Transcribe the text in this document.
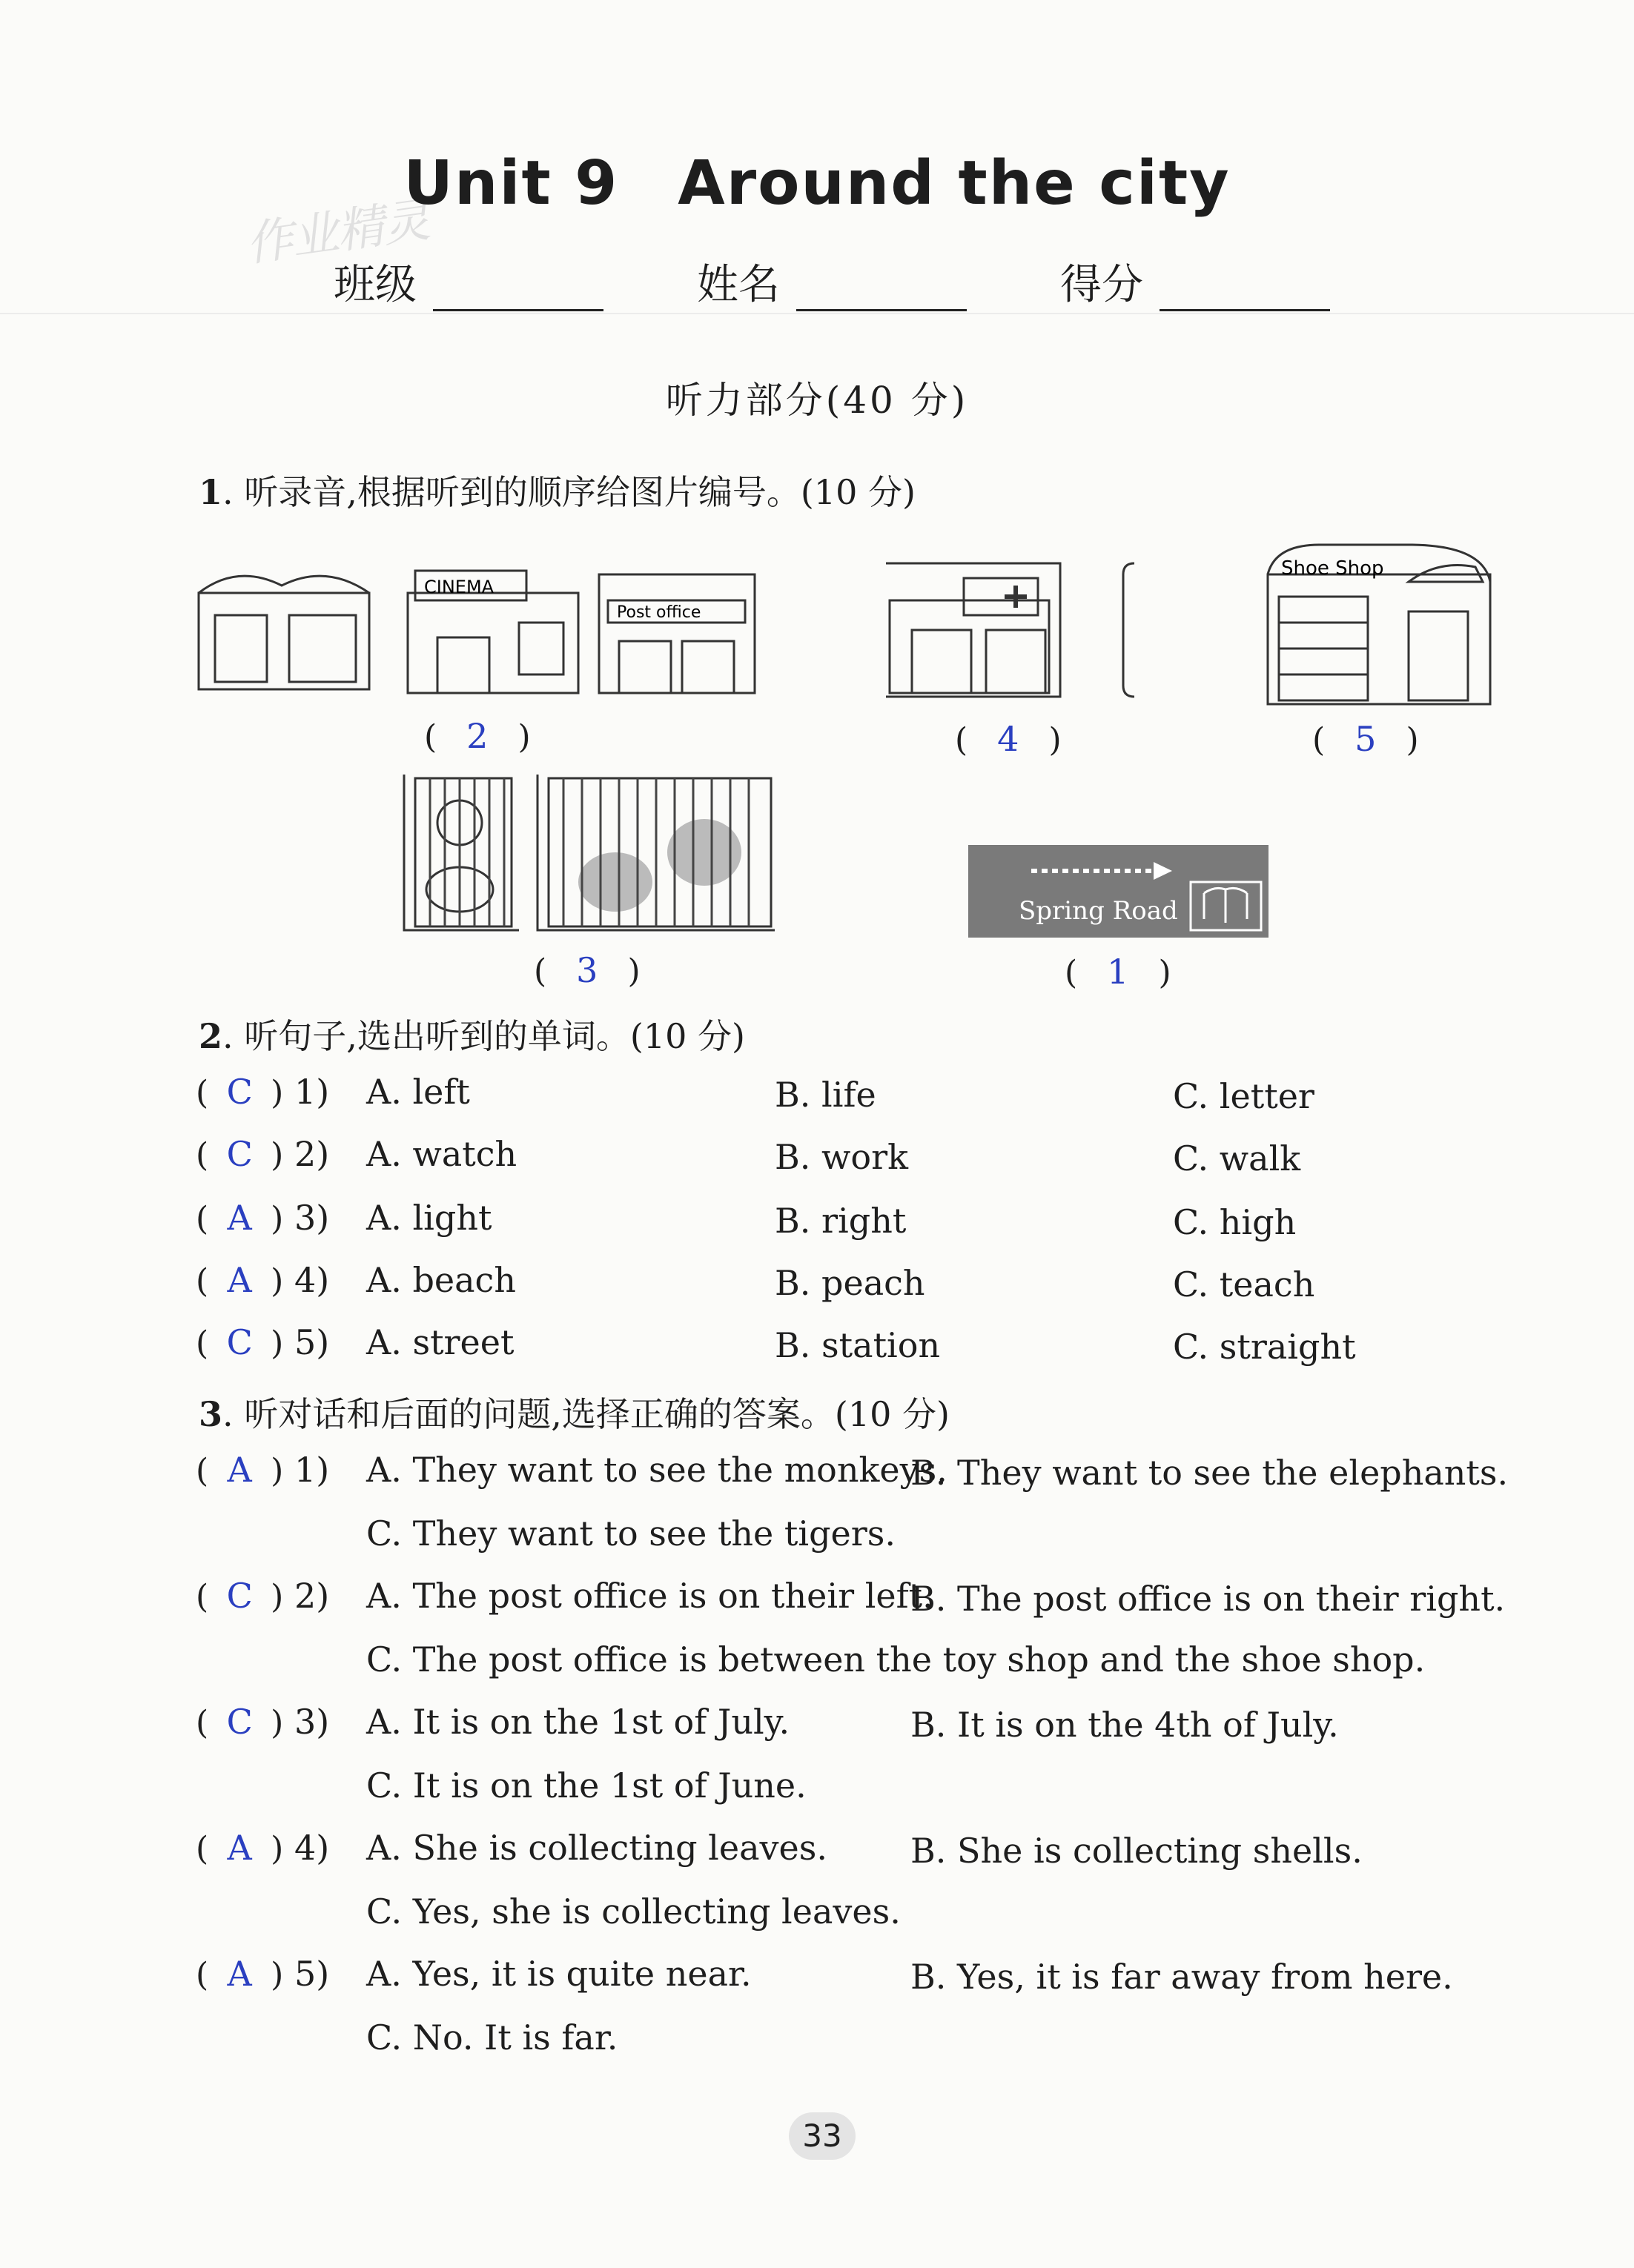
作业精灵
Unit 9 Around the city
班级	姓名	得分
听力部分(40 分)
1. 听录音,根据听到的顺序给图片编号。(10 分)
CINEMA
Post office
Shoe Shop
( 2 )	( 4 )	( 5 )
Spring Road
( 3 )	( 1 )
2. 听句子,选出听到的单词。(10 分)
( C ) 1) A. left	B. life	C. letter
( C ) 2) A. watch	B. work	C. walk
( A ) 3) A. light	B. right	C. high
( A ) 4) A. beach	B. peach	C. teach
( C ) 5) A. street	B. station	C. straight
3. 听对话和后面的问题,选择正确的答案。(10 分)
( A ) 1) A. They want to see the monkeys.
B. They want to see the elephants.
C. They want to see the tigers.
( C ) 2) A. The post office is on their left.
B. The post office is on their right.
C. The post office is between the toy shop and the shoe shop.
( C ) 3) A. It is on the 1st of July.	B. It is on the 4th of July.
C. It is on the 1st of June.
( A ) 4) A. She is collecting leaves. B. She is collecting shells.
C. Yes, she is collecting leaves.
( A ) 5) A. Yes, it is quite near.	B. Yes, it is far away from here.
C. No. It is far.
33
